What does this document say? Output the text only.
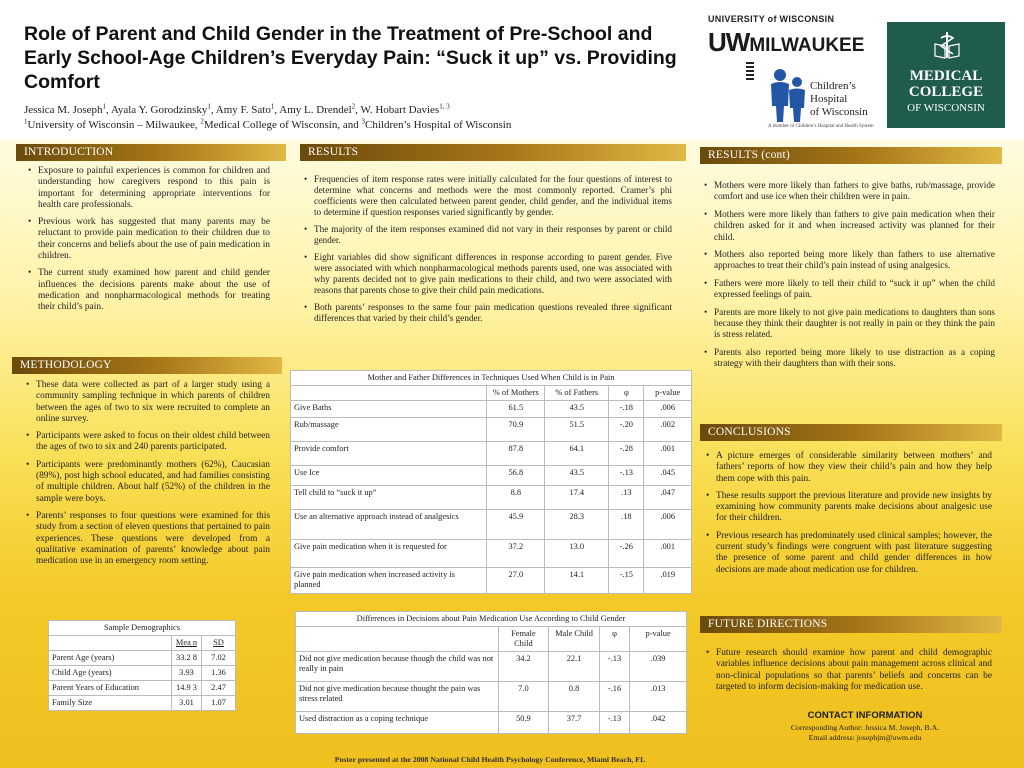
Role of Parent and Child Gender in the Treatment of Pre-School and Early School-Age Children’s Everyday Pain: “Suck it up” vs. Providing Comfort
Jessica M. Joseph$^1$, Ayala Y. Gorodzinsky$^1$, Amy F. Sato$^1$, Amy L. Drendel$^2$, W. Hobart Davies$^{1, 3}$
$^1$University of Wisconsin – Milwaukee, $^2$Medical College of Wisconsin, and $^3$Children’s Hospital of Wisconsin
UNIVERSITY of WISCONSIN
UW MILWAUKEE
Children’s Hospital
of Wisconsin
A member of Children’s Hospital and Health System
MEDICAL
COLLEGE
OF WISCONSIN
INTRODUCTION
• Exposure to painful experiences is common for children and understanding how caregivers respond to this pain is important for determining appropriate interventions for health care professionals.
• Previous work has suggested that many parents may be reluctant to provide pain medication to their children due to their concerns and beliefs about the use of pain medication in children.
• The current study examined how parent and child gender influences the decisions parents make about the use of medication and nonpharmacological methods for treating their child’s pain.
METHODOLOGY
• These data were collected as part of a larger study using a community sampling technique in which parents of children between the ages of two to six were recruited to complete an online survey.
• Participants were asked to focus on their oldest child between the ages of two to six and 240 parents participated.
• Participants were predominantly mothers (62%), Caucasian (89%), post high school educated, and had families consisting of multiple children. About half (52%) of the children in the sample were boys.
• Parents’ responses to four questions were examined for this study from a section of eleven questions that pertained to pain experiences. These questions were developed from a qualitative examination of parents’ knowledge about pain medication use in an emergency room setting.
Sample Demographics		
	Mea n	SD
Parent Age (years)	33.2 8	7.02
Child Age (years)	3.93	1.36
Parent Years of Education	14.9 3	2.47
Family Size	3.01	1.07
RESULTS
• Frequencies of item response rates were initially calculated for the four questions of interest to determine what concerns and methods were the most commonly reported. Cramer’s phi coefficients were then calculated between parent gender, child gender, and the individual items to determine if question responses varied significantly by gender.
• The majority of the item responses examined did not vary in their responses by parent or child gender.
• Eight variables did show significant differences in response according to parent gender. Five were associated with which nonpharmacological methods parents used, one was associated with why parents decided not to give pain medications to their child, and two were associated with reasons that parents chose to give their child pain medications.
• Both parents’ responses to the same four pain medication questions revealed three significant differences that varied by their child’s gender.
Mother and Father Differences in Techniques Used When Child is in Pain				
	% of Mothers	% of Fathers	φ	p-value
Give Baths	61.5	43.5	-.18	.006
Rub/massage	70.9	51.5	-.20	.002
Provide comfort	87.8	64.1	-.28	.001
Use Ice	56.8	43.5	-.13	.045
Tell child to “suck it up”	8.8	17.4	.13	.047
Use an alternative approach instead of analgesics	45.9	28.3	.18	.006
Give pain medication when it is requested for	37.2	13.0	-.26	.001
Give pain medication when increased activity is planned	27.0	14.1	-.15	.019
Differences in Decisions about Pain Medication Use According to Child Gender				
	Female Child	Male Child	φ	p-value
Did not give medication because though the child was not really in pain	34.2	22.1	-.13	.039
Did not give medication because thought the pain was stress related	7.0	0.8	-.16	.013
Used distraction as a coping technique	50.9	37.7	-.13	.042
RESULTS (cont)
• Mothers were more likely than fathers to give baths, rub/massage, provide comfort and use ice when their children were in pain.
• Mothers were more likely than fathers to give pain medication when their children asked for it and when increased activity was planned for their child.
• Mothers also reported being more likely than fathers to use alternative approaches to treat their child’s pain instead of using analgesics.
• Fathers were more likely to tell their child to “suck it up” when the child expressed feelings of pain.
• Parents are more likely to not give pain medications to daughters than sons because they think their daughter is not really in pain or they think the pain is stress related.
• Parents also reported being more likely to use distraction as a coping strategy with their daughters than with their sons.
CONCLUSIONS
• A picture emerges of considerable similarity between mothers’ and fathers’ reports of how they view their child’s pain and how they help them cope with this pain.
• These results support the previous literature and provide new insights by examining how community parents make decisions about analgesic use for their children.
• Previous research has predominately used clinical samples; however, the current study’s findings were congruent with past literature suggesting the presence of some parent and child gender differences in how decisions are made about medication use for children.
FUTURE DIRECTIONS
• Future research should examine how parent and child demographic variables influence decisions about pain management across clinical and non-clinical populations so that parents’ beliefs and concerns can be targeted to inform decision-making for medication use.
CONTACT INFORMATION
Corresponding Author: Jessica M. Joseph, B.A.
Email address: josephjm@uwm.edu
Poster presented at the 2008 National Child Health Psychology Conference, Miami Beach, FL
